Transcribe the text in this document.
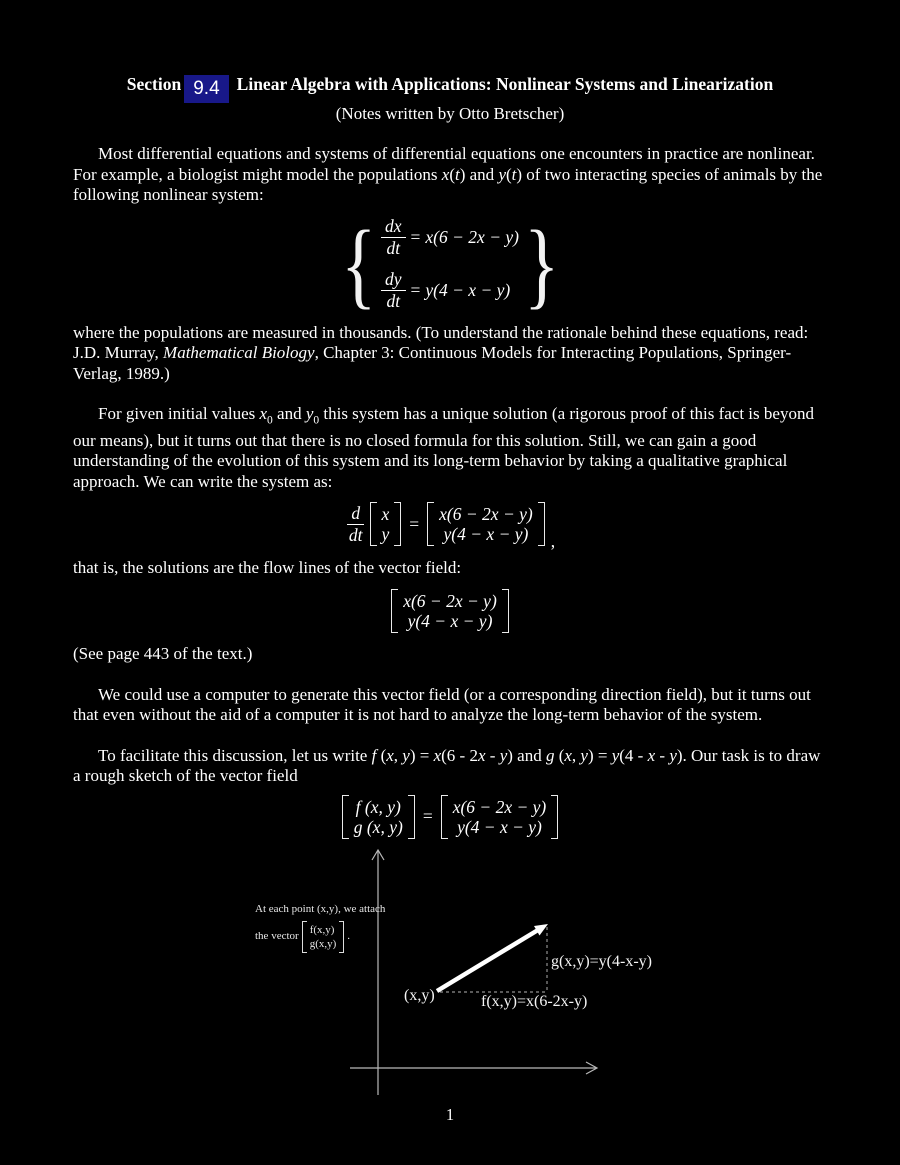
Section 9.4 Linear Algebra with Applications: Nonlinear Systems and Linearization
(Notes written by Otto Bretscher)

Most differential equations and systems of differential equations one encounters in practice are nonlinear. For example, a biologist might model the populations x(t) and y(t) of two interacting species of animals by the following nonlinear system:

{ $\frac{dx}{dt} = x(6 - 2x - y)$
$\frac{dy}{dt} = y(4 - x - y)$ }

where the populations are measured in thousands. (To understand the rationale behind these equations, read: J.D. Murray, Mathematical Biology, Chapter 3: Continuous Models for Interacting Populations, Springer-Verlag, 1989.)

For given initial values $x_0$ and $y_0$ this system has a unique solution (a rigorous proof of this fact is beyond our means), but it turns out that there is no closed formula for this solution. Still, we can gain a good understanding of the evolution of this system and its long-term behavior by taking a qualitative graphical approach. We can write the system as:

$\frac{d}{dt}$ x
y
= x(6 − 2x − y)
y(4 − x − y) ,

that is, the solutions are the flow lines of the vector field:

x(6 − 2x − y)
y(4 − x − y)

(See page 443 of the text.)

We could use a computer to generate this vector field (or a corresponding direction field), but it turns out that even without the aid of a computer it is not hard to analyze the long-term behavior of the system.

To facilitate this discussion, let us write f (x, y) = x(6 - 2x - y) and g (x, y) = y(4 - x - y). Our task is to draw a rough sketch of the vector field

f (x, y)
g (x, y)
= x(6 − 2x − y)
y(4 − x − y)
At each point (x,y), we attach
the vector
f(x,y)
g(x,y)
.
(x,y)	f(x,y)=x(6-2x-y)
g(x,y)=y(4-x-y)
1
